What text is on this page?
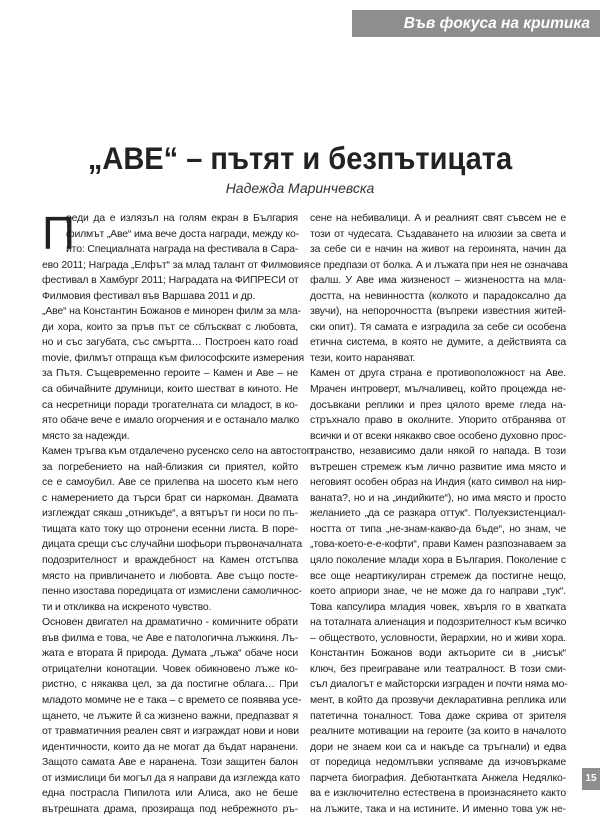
Във фокуса на критика
„АВЕ“ – пътят и безпътицата
Надежда Маринчевска
П
реди да е излязъл на голям екран в България
филмът „Аве“ има вече доста награди, между ко-
ито: Специалната награда на фестивала в Сара-
ево 2011; Награда „Елфът“ за млад талант от Филмовия
фестивал в Хамбург 2011; Наградата на ФИПРЕСИ от
Филмовия фестивал във Варшава 2011 и др.
„Аве“ на Константин Божанов е минорен филм за мла-
ди хора, които за пръв път се сблъскват с любовта,
но и със загубата, със смъртта… Построен като road
movie, филмът отпраща към философските измерения
за Пътя. Същевременно героите – Камен и Аве – не
са обичайните друмници, които шестват в киното. Не
са несретници поради трогателната си младост, в ко-
ято обаче вече е имало огорчения и е останало малко
място за надежди.
Камен тръгва към отдалечено русенско село на автостоп
за погребението на най-близкия си приятел, който
се е самоубил. Аве се прилепва на шосето към него
с намерението да търси брат си наркоман. Двамата
изглеждат сякаш „отникъде“, а вятърът ги носи по пъ-
тищата като току що отронени есенни листа. В порe-
дицата срещи със случайни шофьори първоначалната
подозрителност и враждебност на Камен отстъпва
място на привличането и любовта. Аве също посте-
пенно изостава поредицата от измислени самоличнос-
ти и откликва на искреното чувство.
Основен двигател на драматично - комичните обрати
във филма е това, че Аве е патологична лъжкиня. Лъ-
жата е втората й природа. Думата „лъжа“ обаче носи
отрицателни конотации. Човек обикновено лъже ко-
ристно, с някаква цел, за да постигне облага… При
младото момиче не е така – с времето се появява усе-
щането, че лъжите й са жизнено важни, предпазват я
от травматичния реален свят и изграждат нови и нови
идентичности, които да не могат да бъдат наранени.
Защото самата Аве е наранена. Този защитен балон
от измислици би могъл да я направи да изглежда като
една пострасла Пипилота или Алиса, ако не беше
вътрешната драма, прозираща под небрежното ръ-
сене на небивалици. А и реалният свят съвсем не е
този от чудесата. Създаването на илюзии за света и
за себе си е начин на живот на героинята, начин да
се предпази от болка. А и лъжата при нея не означава
фалш. У Аве има жизненост – жизнеността на мла-
достта, на невинността (колкото и парадоксално да
звучи), на непорочността (въпреки известния житей-
ски опит). Тя самата е изградила за себе си особена
етична система, в която не думите, а действията са
тези, които нараняват.
Камен от друга страна е противоположност на Аве.
Мрачен интроверт, мълчаливец, който процежда не-
досъвкани реплики и през цялото време гледа на-
стръхнало право в околните. Упорито отбранява от
всички и от всеки някакво свое особено духовно прос-
транство, независимо дали някой го напада. В този
вътрешен стремеж към лично развитие има място и
неговият особен образ на Индия (като символ на нир-
ваната?, но и на „индийките“), но има място и просто
желанието „да се разкара оттук“. Полуекзистенциал-
ността от типа „не-знам-какво-да бъде“, но знам, че
„това-което-е-е-кофти“, прави Камен разпознаваем за
цяло поколение млади хора в България. Поколение с
все още неартикулиран стремеж да постигне нещо,
което априори знае, че не може да го направи „тук“.
Това капсулира младия човек, хвърля го в хватката
на тоталната алиенация и подозрителност към всичко
– обществото, условности, йерархии, но и живи хора.
Константин Божанов води актьорите си в „нисък“
ключ, без преиграване или театралност. В този сми-
съл диалогът е майсторски изграден и почти няма мо-
мент, в който да прозвучи декларативна реплика или
патетична тоналност. Това даже скрива от зрителя
реалните мотивации на героите (за които в началото
дори не знаем кои са и накъде са тръгнали) и едва
от поредица недомлъвки успяваме да изчовъркаме
парчета биография. Дебютантката Анжела Недялко-
ва е изключително естествена в произнасянето както
на лъжите, така и на истините. И именно това уж не-
15
